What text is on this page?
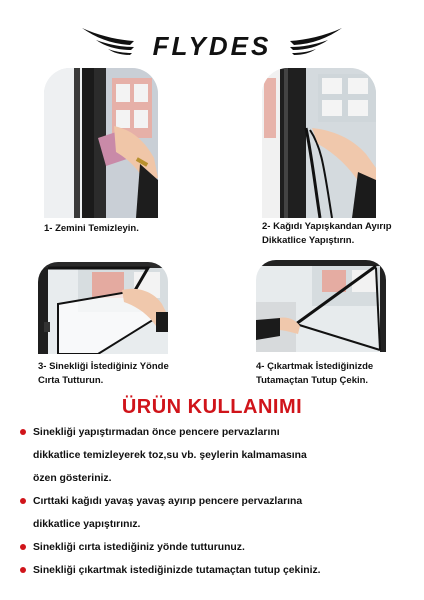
FLYDES
1- Zemini Temizleyin.	2- Kağıdı Yapışkandan Ayırıp
Dikkatlice Yapıştırın.
3- Sinekliği İstediğiniz Yönde
Cırta Tutturun.
4- Çıkartmak İstediğinizde
Tutamaçtan Tutup Çekin.
ÜRÜN KULLANIMI
Sinekliği yapıştırmadan önce pencere pervazlarını
dikkatlice temizleyerek toz,su vb. şeylerin kalmamasına
özen gösteriniz.
Cırttaki kağıdı yavaş yavaş ayırıp pencere pervazlarına
dikkatlice yapıştırınız.
Sinekliği cırta istediğiniz yönde tutturunuz.
Sinekliği çıkartmak istediğinizde tutamaçtan tutup çekiniz.
